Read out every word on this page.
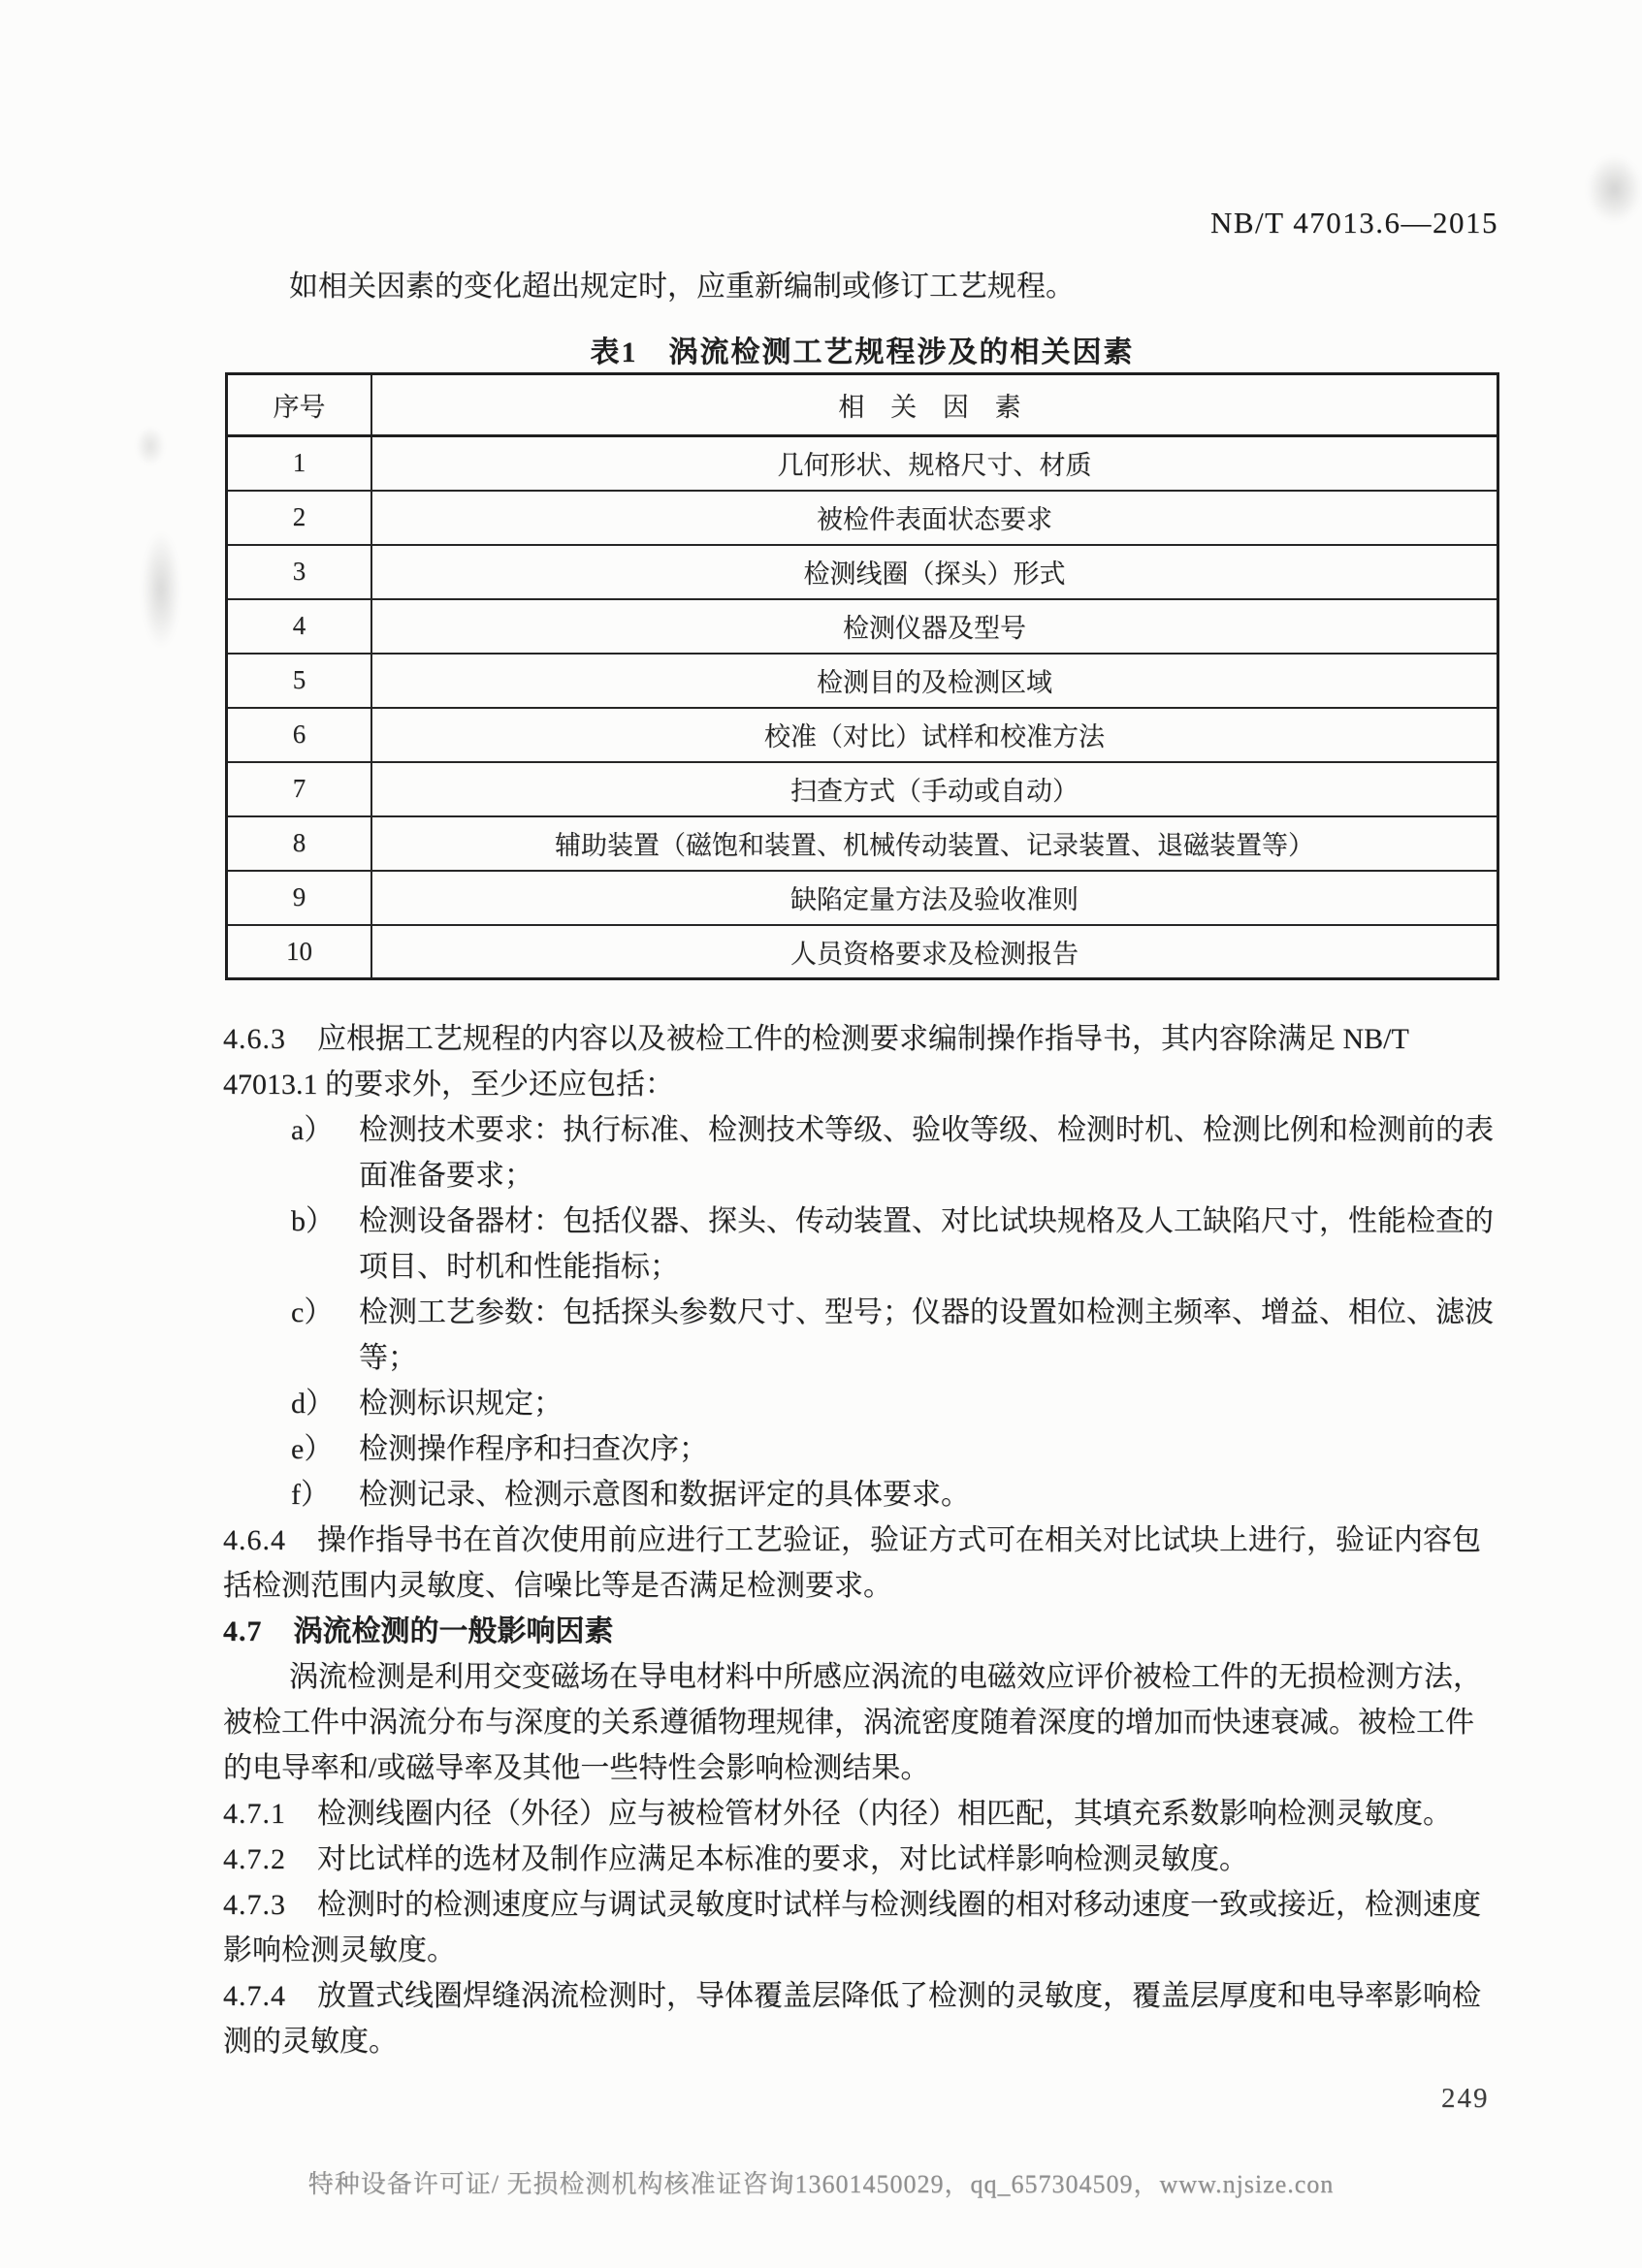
NB/T 47013.6—2015

如相关因素的变化超出规定时，应重新编制或修订工艺规程。

表1　涡流检测工艺规程涉及的相关因素
序号	相 关 因 素
1	几何形状、规格尺寸、材质
2	被检件表面状态要求
3	检测线圈（探头）形式
4	检测仪器及型号
5	检测目的及检测区域
6	校准（对比）试样和校准方法
7	扫查方式（手动或自动）
8	辅助装置（磁饱和装置、机械传动装置、记录装置、退磁装置等）
9	缺陷定量方法及验收准则
10	人员资格要求及检测报告

4.6.3 应根据工艺规程的内容以及被检工件的检测要求编制操作指导书，其内容除满足 NB/T 47013.1 的要求外，至少还应包括：

a） 检测技术要求：执行标准、检测技术等级、验收等级、检测时机、检测比例和检测前的表面准备要求；

b） 检测设备器材：包括仪器、探头、传动装置、对比试块规格及人工缺陷尺寸，性能检查的项目、时机和性能指标；

c） 检测工艺参数：包括探头参数尺寸、型号；仪器的设置如检测主频率、增益、相位、滤波等；

d） 检测标识规定；

e） 检测操作程序和扫查次序；

f） 检测记录、检测示意图和数据评定的具体要求。

4.6.4 操作指导书在首次使用前应进行工艺验证，验证方式可在相关对比试块上进行，验证内容包括检测范围内灵敏度、信噪比等是否满足检测要求。

4.7 涡流检测的一般影响因素

涡流检测是利用交变磁场在导电材料中所感应涡流的电磁效应评价被检工件的无损检测方法，被检工件中涡流分布与深度的关系遵循物理规律，涡流密度随着深度的增加而快速衰减。被检工件的电导率和/或磁导率及其他一些特性会影响检测结果。

4.7.1 检测线圈内径（外径）应与被检管材外径（内径）相匹配，其填充系数影响检测灵敏度。

4.7.2 对比试样的选材及制作应满足本标准的要求，对比试样影响检测灵敏度。

4.7.3 检测时的检测速度应与调试灵敏度时试样与检测线圈的相对移动速度一致或接近，检测速度影响检测灵敏度。

4.7.4 放置式线圈焊缝涡流检测时，导体覆盖层降低了检测的灵敏度，覆盖层厚度和电导率影响检测的灵敏度。

249
特种设备许可证/ 无损检测机构核准证咨询13601450029，qq_657304509，www.njsize.con
